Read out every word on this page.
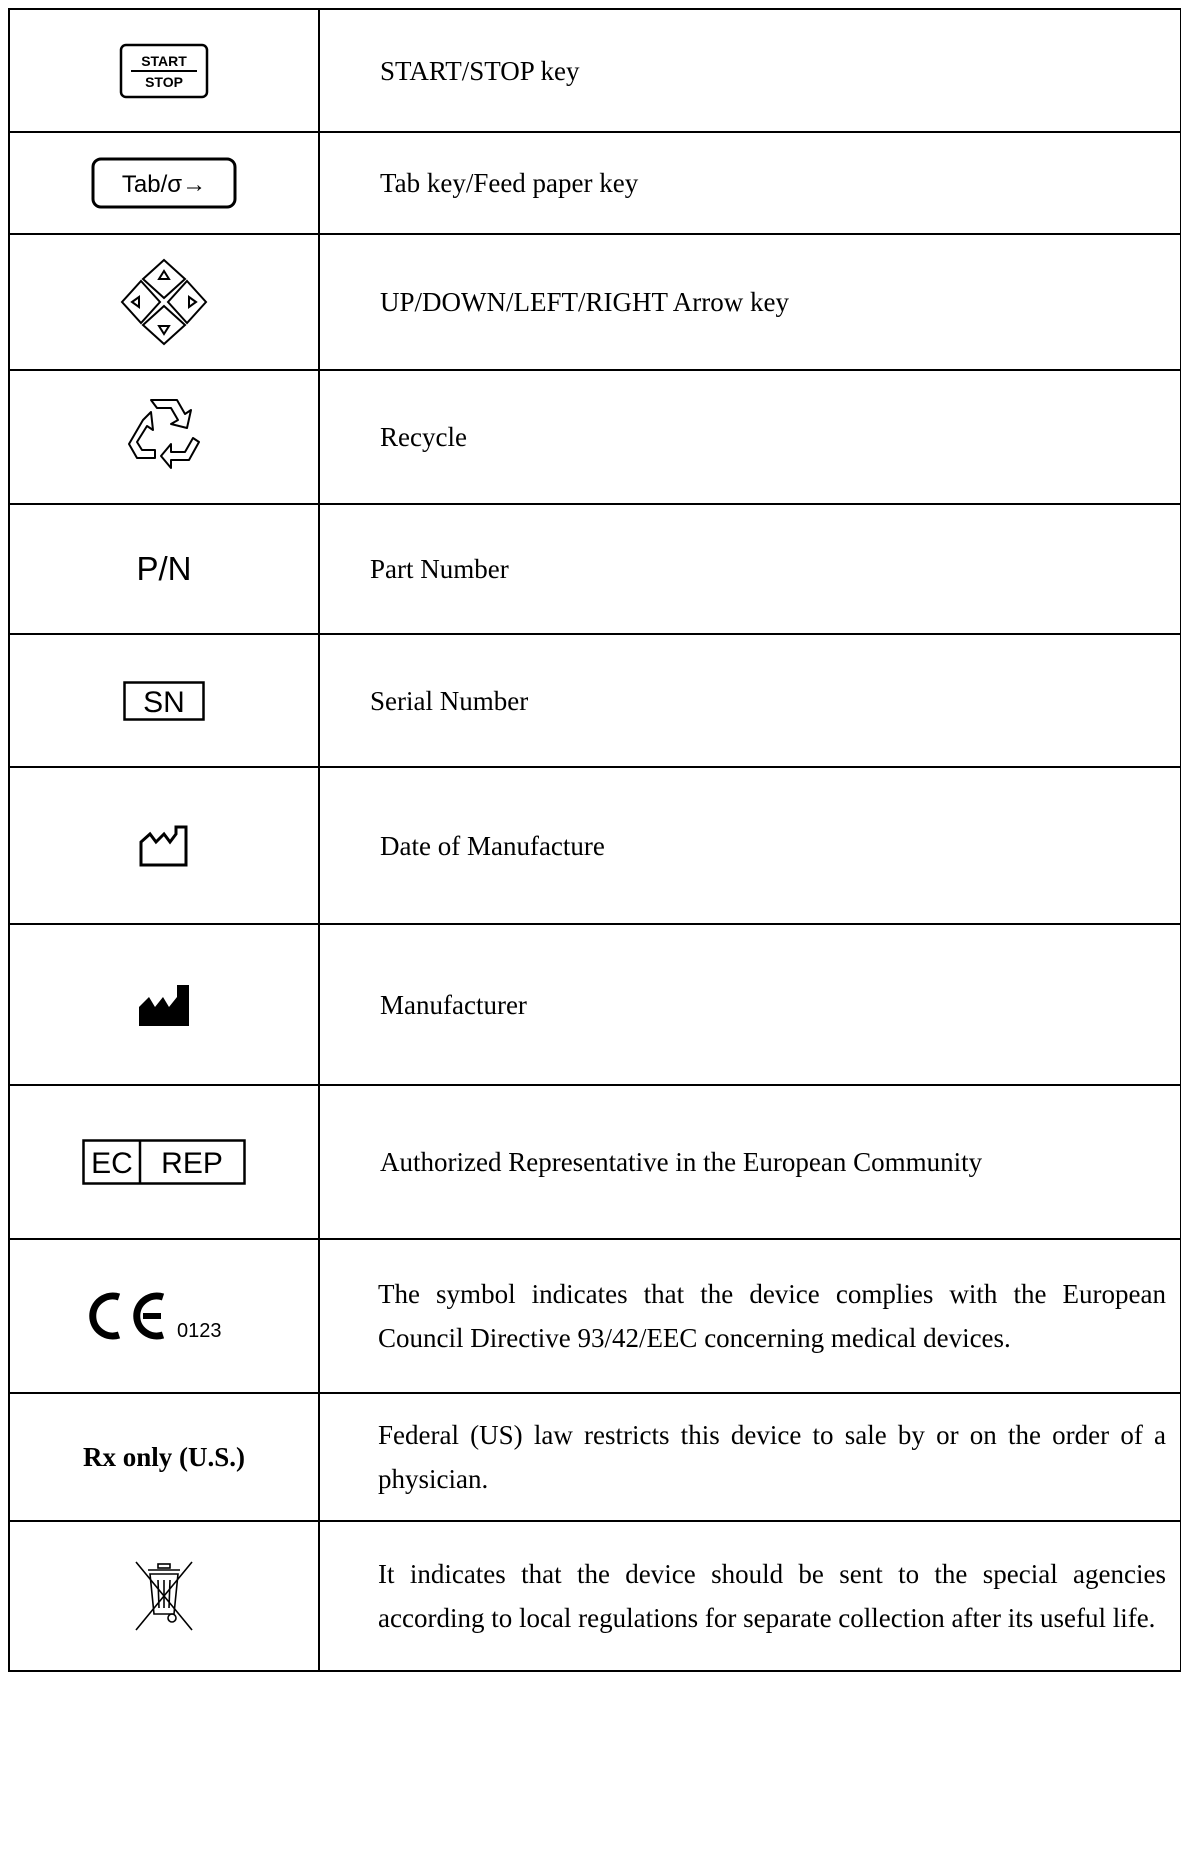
START
STOP	START/STOP key

Tab/σ→	Tab key/Feed paper key

	UP/DOWN/LEFT/RIGHT Arrow key

	Recycle
P/N	Part Number

SN	Serial Number

	Date of Manufacture

	Manufacturer

EC REP	Authorized Representative in the European Community

0123	The symbol indicates that the device complies with the European Council Directive 93/42/EEC concerning medical devices.
Rx only (U.S.)	Federal (US) law restricts this device to sale by or on the order of a physician.

	It indicates that the device should be sent to the special agencies according to local regulations for separate collection after its useful life.
